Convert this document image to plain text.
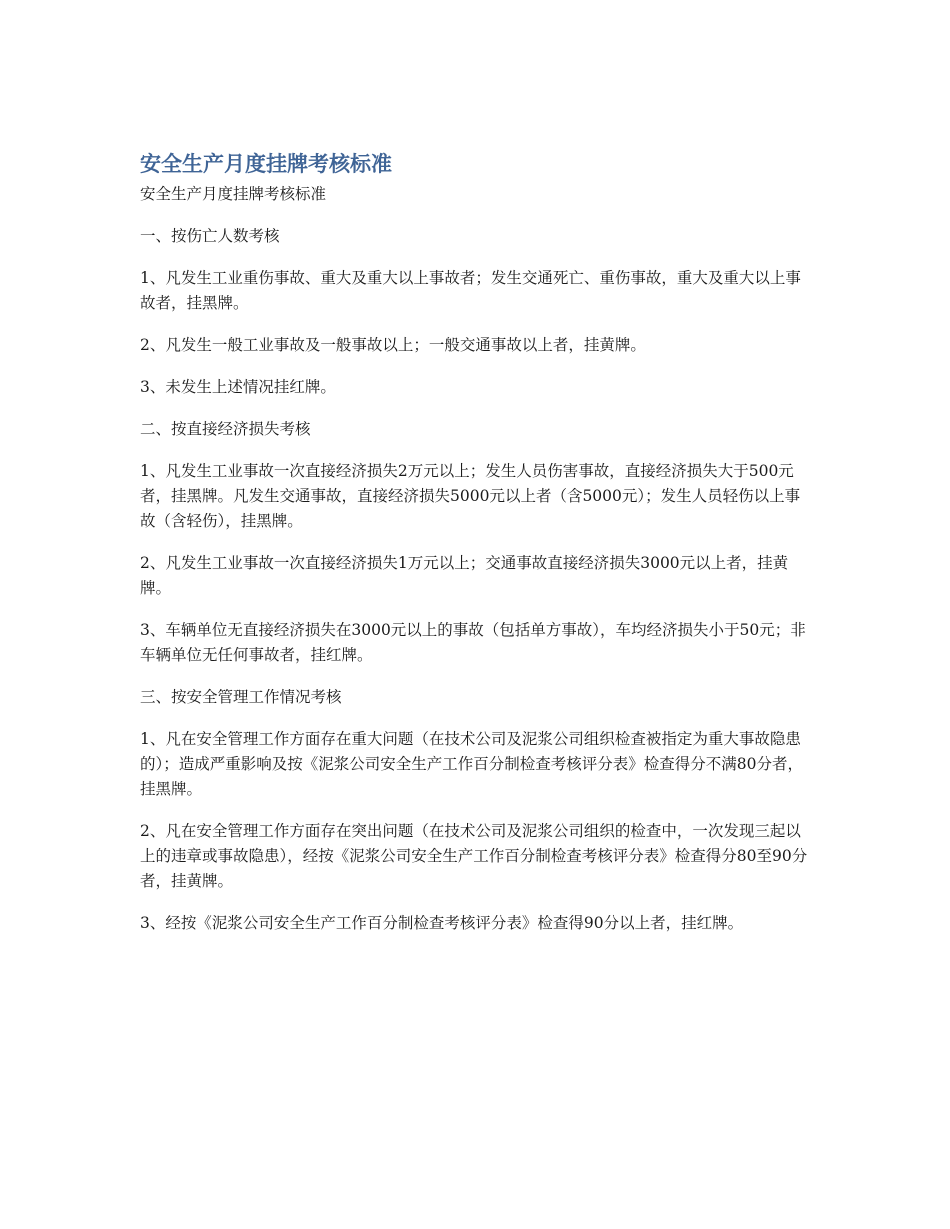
安全生产月度挂牌考核标准

安全生产月度挂牌考核标准

一、按伤亡人数考核

1、凡发生工业重伤事故、重大及重大以上事故者；发生交通死亡、重伤事故，重大及重大以上事故者，挂黑牌。

2、凡发生一般工业事故及一般事故以上；一般交通事故以上者，挂黄牌。

3、未发生上述情况挂红牌。

二、按直接经济损失考核

1、凡发生工业事故一次直接经济损失2万元以上；发生人员伤害事故，直接经济损失大于500元者，挂黑牌。凡发生交通事故，直接经济损失5000元以上者（含5000元）；发生人员轻伤以上事故（含轻伤），挂黑牌。

2、凡发生工业事故一次直接经济损失1万元以上；交通事故直接经济损失3000元以上者，挂黄牌。

3、车辆单位无直接经济损失在3000元以上的事故（包括单方事故），车均经济损失小于50元；非车辆单位无任何事故者，挂红牌。

三、按安全管理工作情况考核

1、凡在安全管理工作方面存在重大问题（在技术公司及泥浆公司组织检查被指定为重大事故隐患的）；造成严重影响及按《泥浆公司安全生产工作百分制检查考核评分表》检查得分不满80分者，挂黑牌。

2、凡在安全管理工作方面存在突出问题（在技术公司及泥浆公司组织的检查中，一次发现三起以上的违章或事故隐患），经按《泥浆公司安全生产工作百分制检查考核评分表》检查得分80至90分者，挂黄牌。

3、经按《泥浆公司安全生产工作百分制检查考核评分表》检查得90分以上者，挂红牌。
